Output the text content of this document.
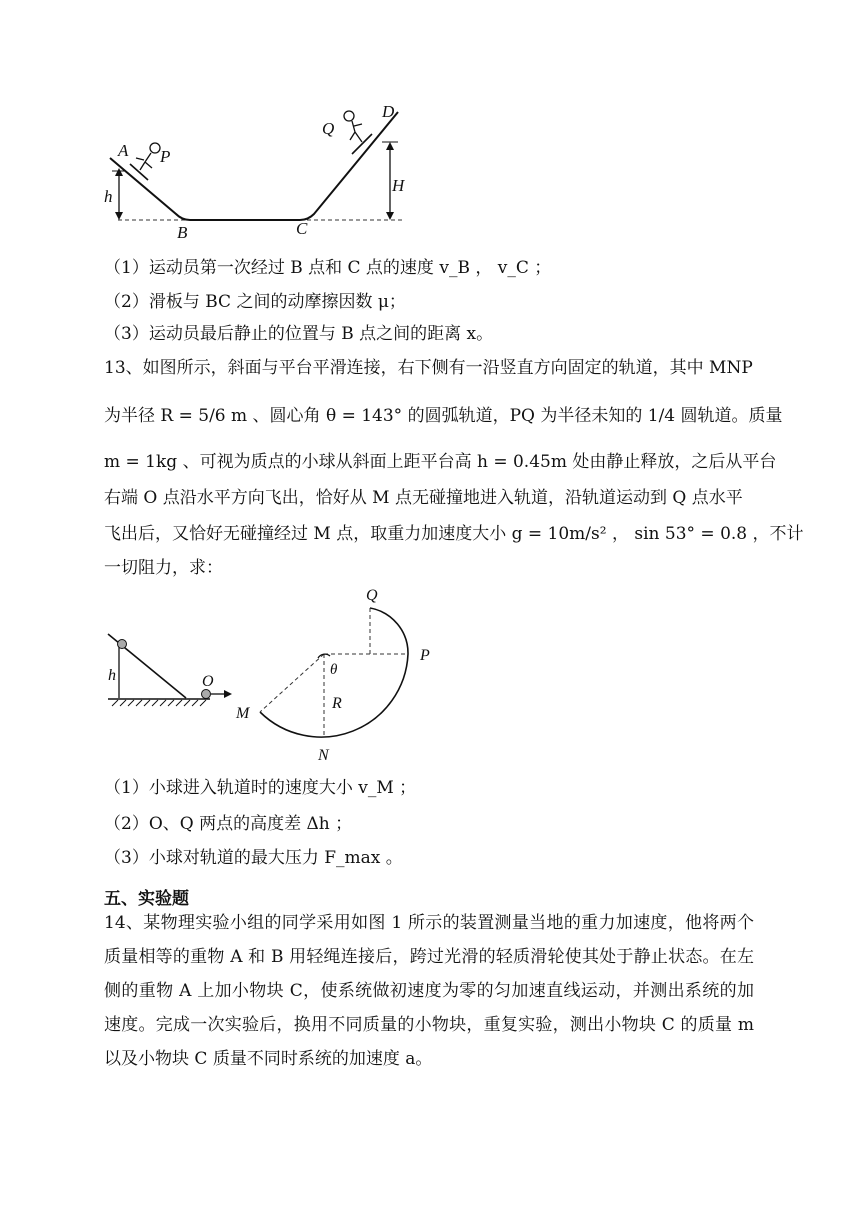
A P
h
B	C
Q
D
H
（1）运动员第一次经过 B 点和 C 点的速度 v_B ， v_C ；
（2）滑板与 BC 之间的动摩擦因数 μ；
（3）运动员最后静止的位置与 B 点之间的距离 x。
13、如图所示，斜面与平台平滑连接，右下侧有一沿竖直方向固定的轨道，其中 MNP
为半径 R = 5/6 m 、圆心角 θ = 143° 的圆弧轨道，PQ 为半径未知的 1/4 圆轨道。质量
m = 1kg 、可视为质点的小球从斜面上距平台高 h = 0.45m 处由静止释放，之后从平台
右端 O 点沿水平方向飞出，恰好从 M 点无碰撞地进入轨道，沿轨道运动到 Q 点水平
飞出后，又恰好无碰撞经过 M 点，取重力加速度大小 g = 10m/s² ， sin 53° = 0.8 ，不计
一切阻力，求：
h	O
M
θ
R
N
P
Q
（1）小球进入轨道时的速度大小 v_M ；
（2）O、Q 两点的高度差 Δh ；
（3）小球对轨道的最大压力 F_max 。
五、实验题
14、某物理实验小组的同学采用如图 1 所示的装置测量当地的重力加速度，他将两个质量相等的重物 A 和 B 用轻绳连接后，跨过光滑的轻质滑轮使其处于静止状态。在左侧的重物 A 上加小物块 C，使系统做初速度为零的匀加速直线运动，并测出系统的加速度。完成一次实验后，换用不同质量的小物块，重复实验，测出小物块 C 的质量 m 以及小物块 C 质量不同时系统的加速度 a。
